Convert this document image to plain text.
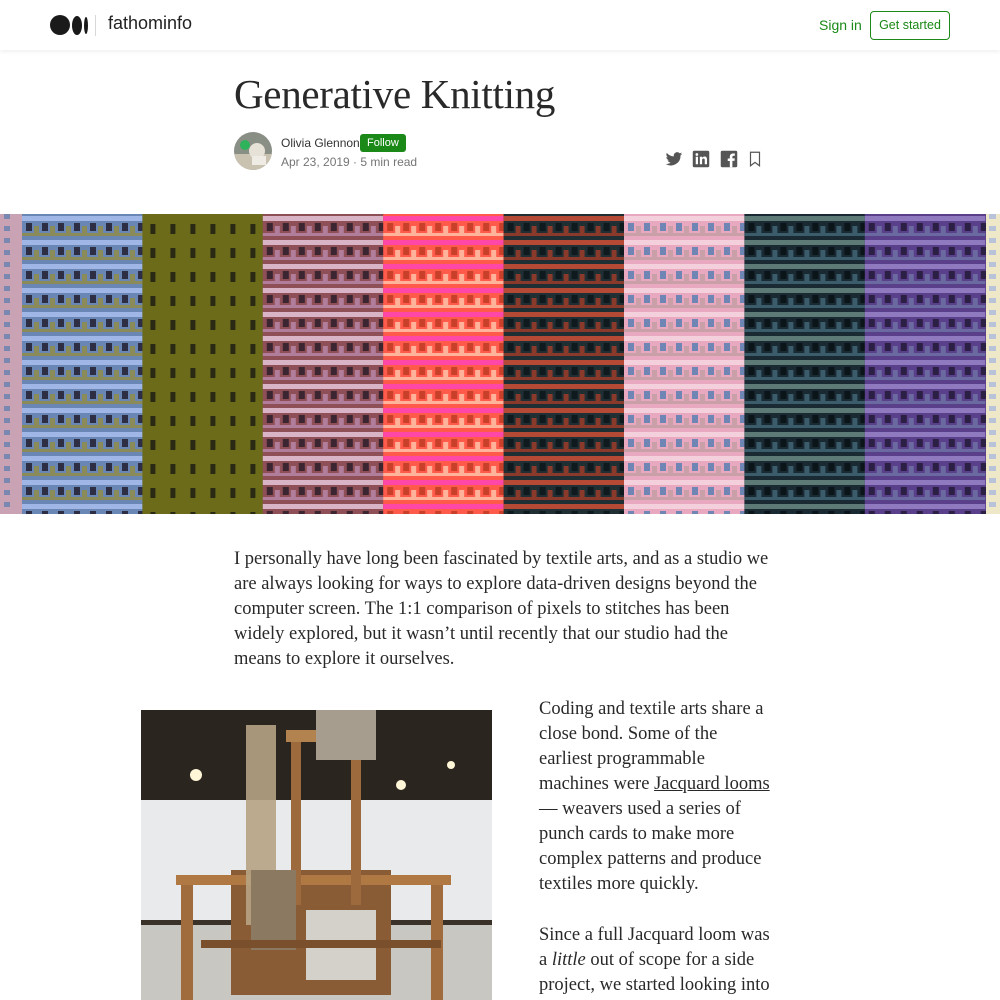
fathominfo	Sign in	Get started
Generative Knitting
Olivia Glennon Follow
Apr 23, 2019 · 5 min read

I personally have long been fascinated by textile arts, and as a studio we are always looking for ways to explore data-driven designs beyond the computer screen. The 1:1 comparison of pixels to stitches has been widely explored, but it wasn’t until recently that our studio had the means to explore it ourselves.

Coding and textile arts share a close bond. Some of the earliest programmable machines were Jacquard looms — weavers used a series of punch cards to make more complex patterns and produce textiles more quickly.

Since a full Jacquard loom was a little out of scope for a side project, we started looking into
